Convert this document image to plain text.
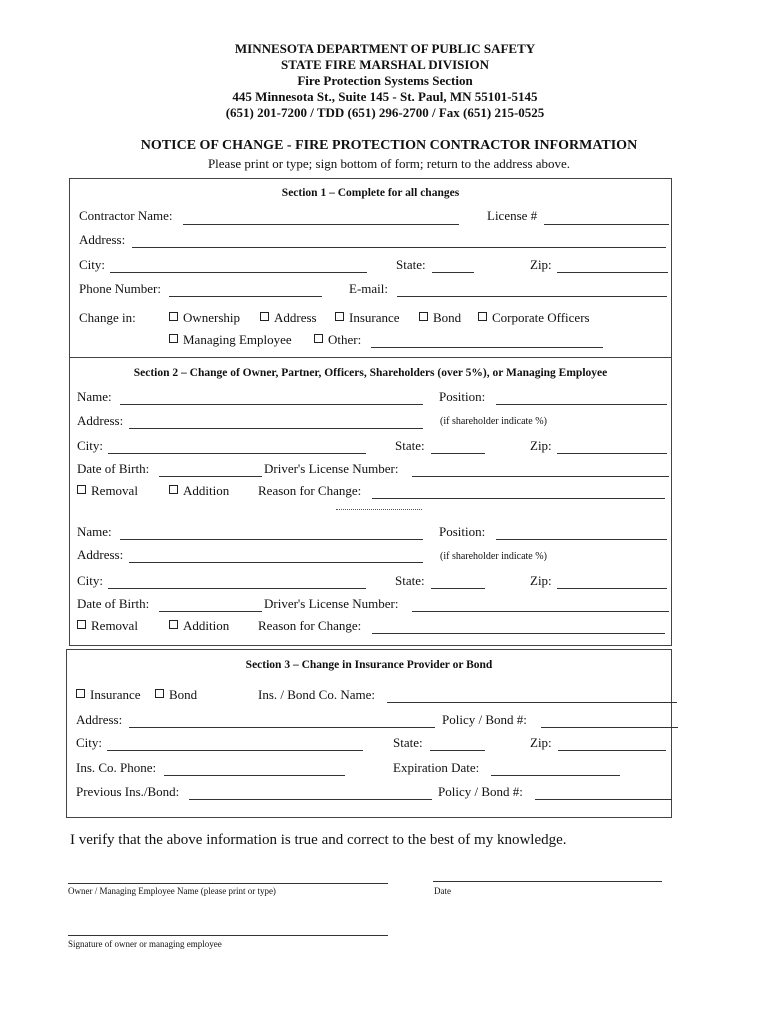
MINNESOTA DEPARTMENT OF PUBLIC SAFETY
STATE FIRE MARSHAL DIVISION
Fire Protection Systems Section
445 Minnesota St., Suite 145 - St. Paul, MN 55101-5145
(651) 201-7200 / TDD (651) 296-2700 / Fax (651) 215-0525
NOTICE OF CHANGE - FIRE PROTECTION CONTRACTOR INFORMATION
Please print or type; sign bottom of form; return to the address above.
Section 1 – Complete for all changes
Contractor Name:	License #
Address:
City:	State:	Zip:
Phone Number:	E-mail:
Change in:	Ownership	Address	Insurance	Bond	Corporate Officers
Managing Employee	Other:
Section 2 – Change of Owner, Partner, Officers, Shareholders (over 5%), or Managing Employee
Name:	Position:
Address:	(if shareholder indicate %)
City:	State:	Zip:
Date of Birth:	Driver's License Number:
Removal	Addition Reason for Change:
Name:	Position:
Address:	(if shareholder indicate %)
City:	State:	Zip:
Date of Birth:	Driver's License Number:
Removal	Addition Reason for Change:
Section 3 – Change in Insurance Provider or Bond
Insurance	Bond	Ins. / Bond Co. Name:
Address:	Policy / Bond #:
City:	State:	Zip:
Ins. Co. Phone:	Expiration Date:
Previous Ins./Bond:	Policy / Bond #:
I verify that the above information is true and correct to the best of my knowledge.
Owner / Managing Employee Name (please print or type)	Date
Signature of owner or managing employee
